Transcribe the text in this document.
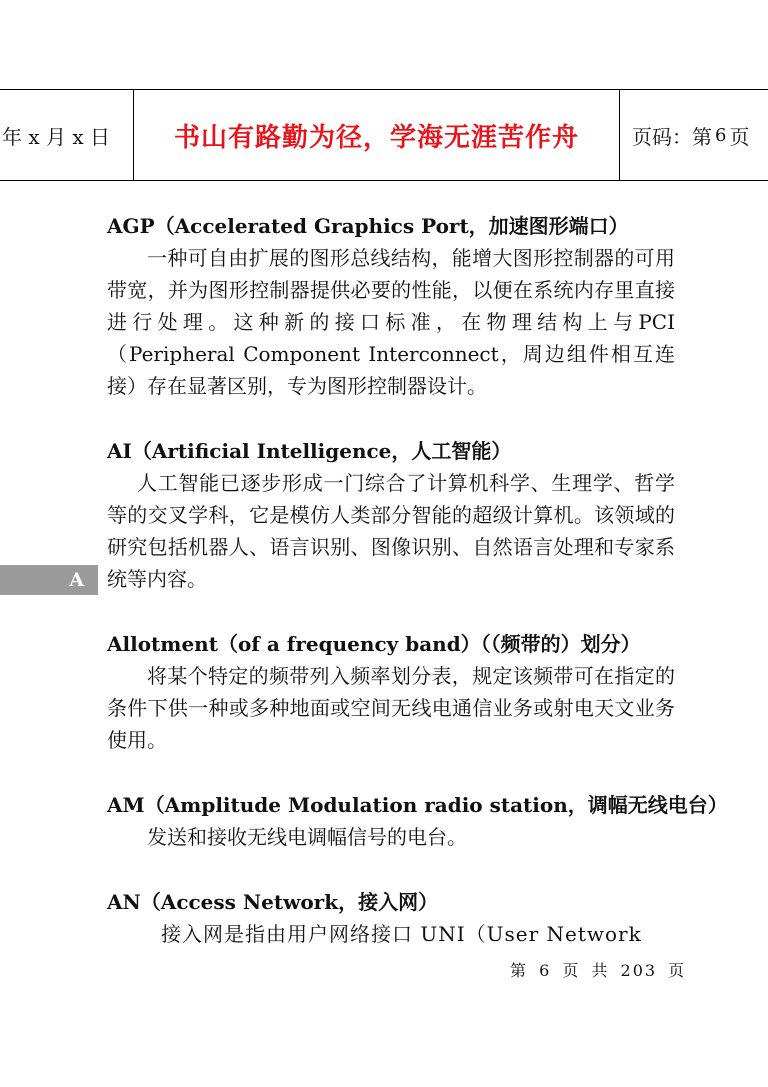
年 x 月 x 日	书山有路勤为径，学海无涯苦作舟	页码：第 6 页
A
AGP（Accelerated Graphics Port，加速图形端口）
一种可自由扩展的图形总线结构，能增大图形控制器的可用带宽，并为图形控制器提供必要的性能，以便在系统内存里直接进行处理。这种新的接口标准，在物理结构上与PCI（Peripheral Component Interconnect，周边组件相互连接）存在显著区别，专为图形控制器设计。
AI（Artificial Intelligence，人工智能）
人工智能已逐步形成一门综合了计算机科学、生理学、哲学等的交叉学科，它是模仿人类部分智能的超级计算机。该领域的研究包括机器人、语言识别、图像识别、自然语言处理和专家系统等内容。
Allotment（of a frequency band）（（频带的）划分）
将某个特定的频带列入频率划分表，规定该频带可在指定的条件下供一种或多种地面或空间无线电通信业务或射电天文业务使用。
AM（Amplitude Modulation radio station，调幅无线电台）
发送和接收无线电调幅信号的电台。
AN（Access Network，接入网）
接入网是指由用户网络接口 UNI（User Network
第 6 页 共 203 页
